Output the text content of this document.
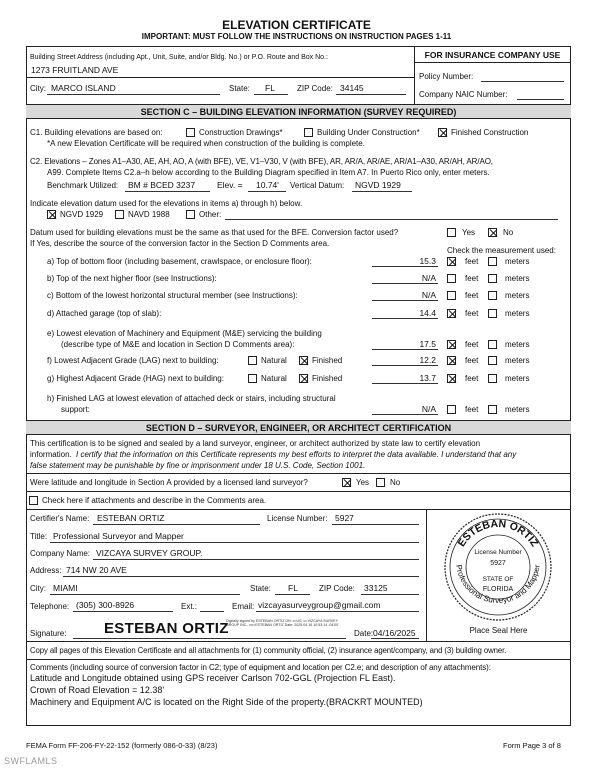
ELEVATION CERTIFICATE
IMPORTANT: MUST FOLLOW THE INSTRUCTIONS ON INSTRUCTION PAGES 1-11
Building Street Address (including Apt., Unit, Suite, and/or Bldg. No.) or P.O. Route and Box No.:
1273 FRUITLAND AVE
City: MARCO ISLAND	State: FL	ZIP Code: 34145
FOR INSURANCE COMPANY USE
Policy Number:
Company NAIC Number:
SECTION C – BUILDING ELEVATION INFORMATION (SURVEY REQUIRED)
C1. Building elevations are based on:	Construction Drawings*	Building Under Construction*	Finished Construction
*A new Elevation Certificate will be required when construction of the building is complete.
C2. Elevations – Zones A1–A30, AE, AH, AO, A (with BFE), VE, V1–V30, V (with BFE), AR, AR/A, AR/AE, AR/A1–A30, AR/AH, AR/AO,
A99. Complete Items C2.a–h below according to the Building Diagram specified in Item A7. In Puerto Rico only, enter meters.
Benchmark Utilized: BM # BCED 3237	Elev. = 10.74' Vertical Datum: NGVD 1929
Indicate elevation datum used for the elevations in items a) through h) below.
NGVD 1929	NAVD 1988	Other:
Datum used for building elevations must be the same as that used for the BFE. Conversion factor used?	Yes	No
If Yes, describe the source of the conversion factor in the Section D Comments area.
Check the measurement used:
a) Top of bottom floor (including basement, crawlspace, or enclosure floor):	15.3	feet	meters
b) Top of the next higher floor (see Instructions):	N/A	feet	meters
c) Bottom of the lowest horizontal structural member (see Instructions):	N/A	feet	meters
d) Attached garage (top of slab):	14.4	feet	meters
e) Lowest elevation of Machinery and Equipment (M&E) servicing the building
(describe type of M&E and location in Section D Comments area):	17.5	feet	meters
f) Lowest Adjacent Grade (LAG) next to building:	Natural	Finished	12.2	feet	meters
g) Highest Adjacent Grade (HAG) next to building:	Natural	Finished	13.7	feet	meters
h) Finished LAG at lowest elevation of attached deck or stairs, including structural
support:	N/A	feet	meters
SECTION D – SURVEYOR, ENGINEER, OR ARCHITECT CERTIFICATION
This certification is to be signed and sealed by a land surveyor, engineer, or architect authorized by state law to certify elevation
information. I certify that the information on this Certificate represents my best efforts to interpret the data available. I understand that any
false statement may be punishable by fine or imprisonment under 18 U.S. Code, Section 1001.
Were latitude and longitude in Section A provided by a licensed land surveyor?	Yes	No
Check here if attachments and describe in the Comments area.
ESTEBAN ORTIZ
Professional Surveyor and Mapper
License Number
5927
STATE OF
FLORIDA
Place Seal Here
Certifier's Name: ESTEBAN ORTIZ	License Number: 5927
Title: Professional Surveyor and Mapper
Company Name: VIZCAYA SURVEY GROUP.
Address: 714 NW 20 AVE
City: MIAMI	State: FL	ZIP Code: 33125
Telephone: (305) 300-8926	Ext.:	Email: vizcayasurveygroup@gmail.com
Signature:	ESTEBAN ORTIZ
Digitally signed by ESTEBAN ORTIZ DN: c=US, o=VIZCAYA SURVEY GROUP INC., cn=ESTEBAN ORTIZ Date: 2025.04.16 10:53:14 -04'00'
Date: 04/16/2025
Copy all pages of this Elevation Certificate and all attachments for (1) community official, (2) insurance agent/company, and (3) building owner.
Comments (including source of conversion factor in C2; type of equipment and location per C2.e; and description of any attachments):
Latitude and Longitude obtained using GPS receiver Carlson 702-GGL (Projection FL East).
Crown of Road Elevation = 12.38'
Machinery and Equipment A/C is located on the Right Side of the property.(BRACKRT MOUNTED)
FEMA Form FF-206-FY-22-152 (formerly 086-0-33) (8/23)	Form Page 3 of 8
SWFLAMLS
